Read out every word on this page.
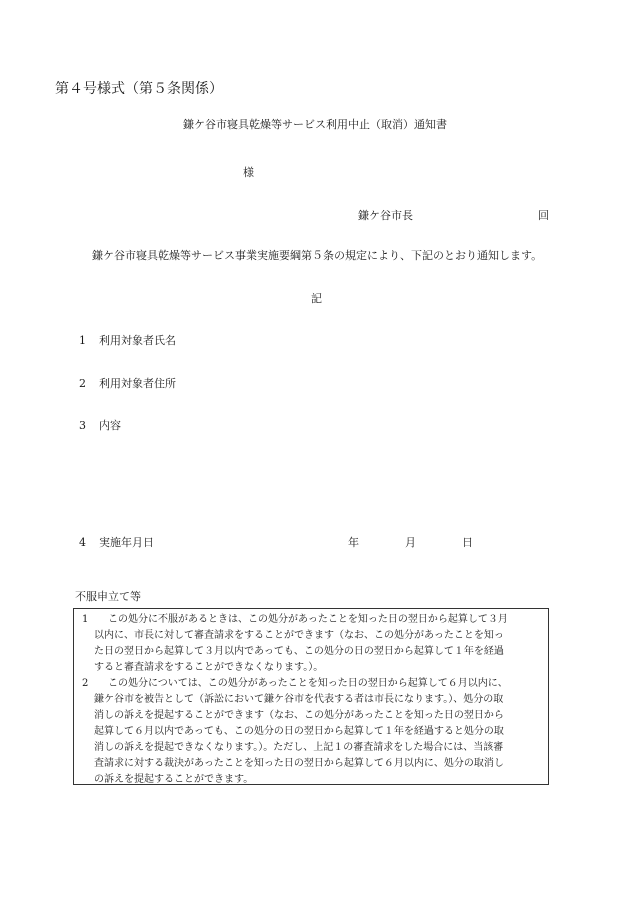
第４号様式（第５条関係）
鎌ケ谷市寝具乾燥等サービス利用中止（取消）通知書
様
鎌ケ谷市長	回
鎌ケ谷市寝具乾燥等サービス事業実施要綱第５条の規定により、下記のとおり通知します。
記
1 利用対象者氏名
2 利用対象者住所
3 内容
4 実施年月日	年	月	日
不服申立て等
1　 この処分に不服があるときは、この処分があったことを知った日の翌日から起算して３月
以内に、市長に対して審査請求をすることができます（なお、この処分があったことを知っ
た日の翌日から起算して３月以内であっても、この処分の日の翌日から起算して１年を経過
すると審査請求をすることができなくなります。）。
2　 この処分については、この処分があったことを知った日の翌日から起算して６月以内に、
鎌ケ谷市を被告として（訴訟において鎌ケ谷市を代表する者は市長になります。）、処分の取
消しの訴えを提起することができます（なお、この処分があったことを知った日の翌日から
起算して６月以内であっても、この処分の日の翌日から起算して１年を経過すると処分の取
消しの訴えを提起できなくなります。）。ただし、上記１の審査請求をした場合には、当該審
査請求に対する裁決があったことを知った日の翌日から起算して６月以内に、処分の取消し
の訴えを提起することができます。
